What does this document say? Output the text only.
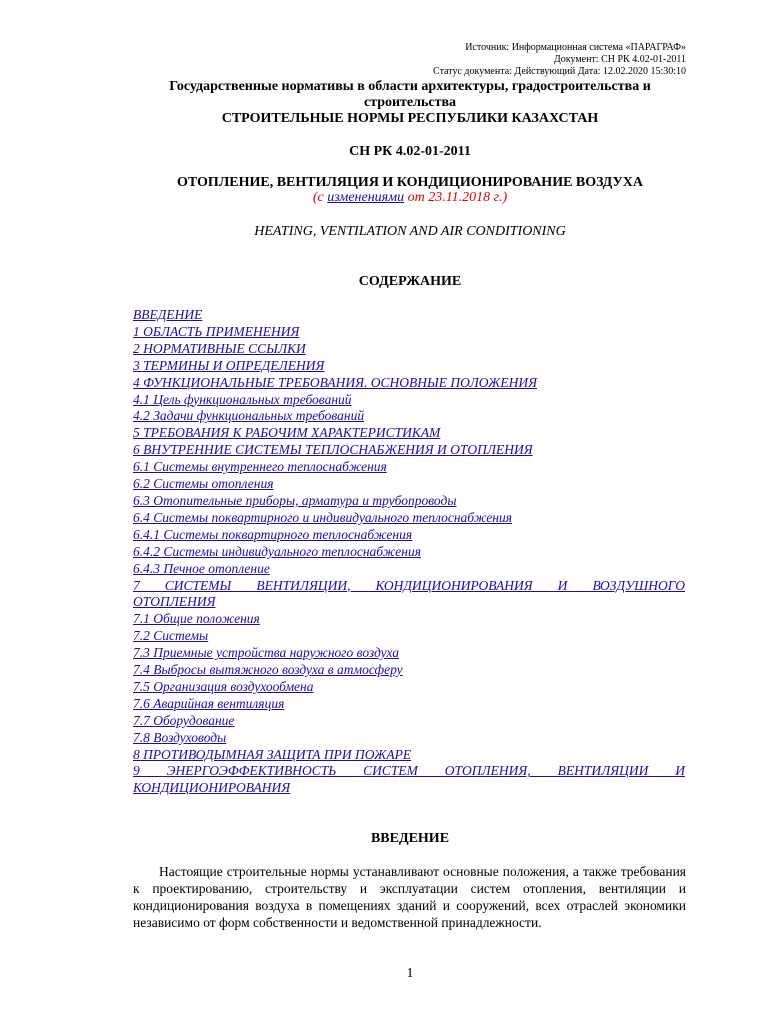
Источник: Информационная система «ПАРАГРАФ»
Документ: СН РК 4.02-01-2011
Статус документа: Действующий Дата: 12.02.2020 15:30:10
Государственные нормативы в области архитектуры, градостроительства и
строительства
СТРОИТЕЛЬНЫЕ НОРМЫ РЕСПУБЛИКИ КАЗАХСТАН
СН РК 4.02-01-2011
ОТОПЛЕНИЕ, ВЕНТИЛЯЦИЯ И КОНДИЦИОНИРОВАНИЕ ВОЗДУХА
(с изменениями от 23.11.2018 г.)
HEATING, VENTILATION AND AIR CONDITIONING
СОДЕРЖАНИЕ
ВВЕДЕНИЕ
1 ОБЛАСТЬ ПРИМЕНЕНИЯ
2 НОРМАТИВНЫЕ ССЫЛКИ
3 ТЕРМИНЫ И ОПРЕДЕЛЕНИЯ
4 ФУНКЦИОНАЛЬНЫЕ ТРЕБОВАНИЯ. ОСНОВНЫЕ ПОЛОЖЕНИЯ
4.1 Цель функциональных требований
4.2 Задачи функциональных требований
5 ТРЕБОВАНИЯ К РАБОЧИМ ХАРАКТЕРИСТИКАМ
6 ВНУТРЕННИЕ СИСТЕМЫ ТЕПЛОСНАБЖЕНИЯ И ОТОПЛЕНИЯ
6.1 Системы внутреннего теплоснабжения
6.2 Системы отопления
6.3 Отопительные приборы, арматура и трубопроводы
6.4 Системы поквартирного и индивидуального теплоснабжения
6.4.1 Системы поквартирного теплоснабжения
6.4.2 Системы индивидуального теплоснабжения
6.4.3 Печное отопление
7 СИСТЕМЫ ВЕНТИЛЯЦИИ, КОНДИЦИОНИРОВАНИЯ И ВОЗДУШНОГО
ОТОПЛЕНИЯ
7.1 Общие положения
7.2 Системы
7.3 Приемные устройства наружного воздуха
7.4 Выбросы вытяжного воздуха в атмосферу
7.5 Организация воздухообмена
7.6 Аварийная вентиляция
7.7 Оборудование
7.8 Воздуховоды
8 ПРОТИВОДЫМНАЯ ЗАЩИТА ПРИ ПОЖАРЕ
9 ЭНЕРГОЭФФЕКТИВНОСТЬ СИСТЕМ ОТОПЛЕНИЯ, ВЕНТИЛЯЦИИ И
КОНДИЦИОНИРОВАНИЯ
ВВЕДЕНИЕ
Настоящие строительные нормы устанавливают основные положения, а также требования к проектированию, строительству и эксплуатации систем отопления, вентиляции и кондиционирования воздуха в помещениях зданий и сооружений, всех отраслей экономики независимо от форм собственности и ведомственной принадлежности.
1
